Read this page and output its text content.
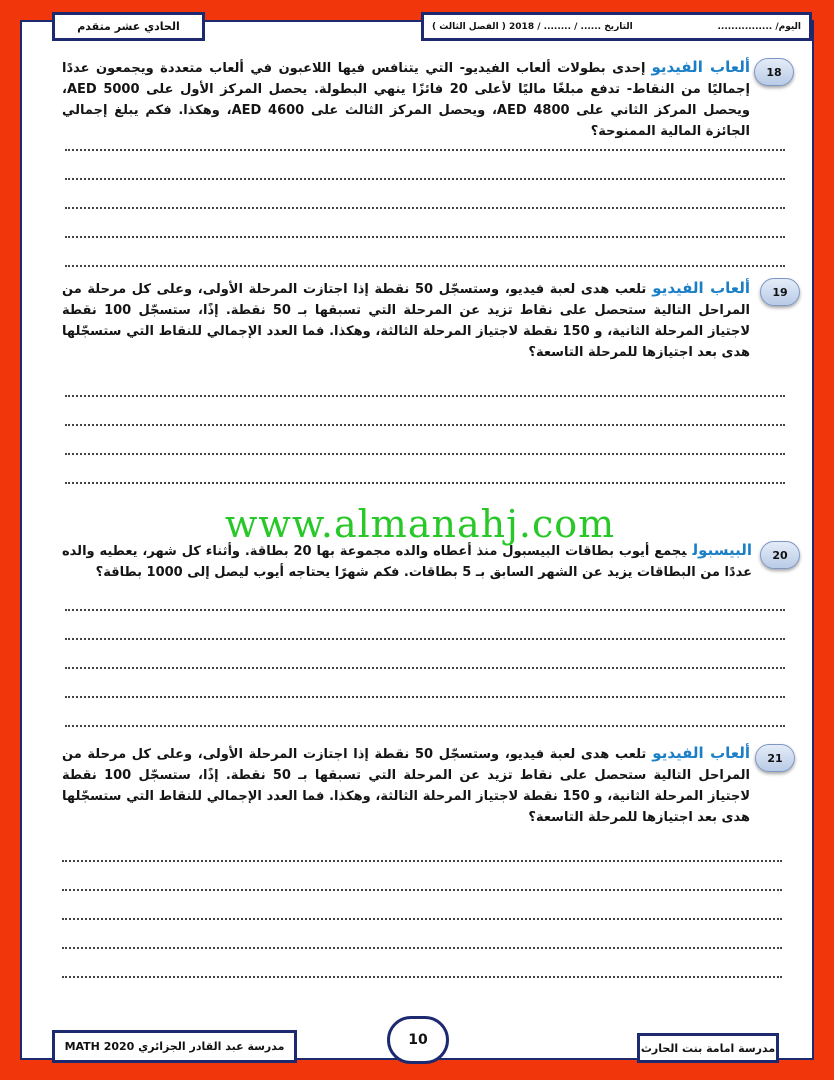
الحادي عشر متقدم	اليوم/ ................
التاريخ ...... / ........ / 2018 ( الفصل الثالث )
18
ألعاب الفيديوإحدى بطولات ألعاب الفيديو- التي يتنافس فيها اللاعبون في ألعاب متعددة ويجمعون عددًا إجماليًا من النقاط- تدفع مبلغًا ماليًا لأعلى 20 فائزًا ينهي البطولة. يحصل المركز الأول على AED 5000، ويحصل المركز الثاني على AED 4800، ويحصل المركز الثالث على AED 4600، وهكذا. فكم يبلغ إجمالي الجائزة المالية الممنوحة؟
19
ألعاب الفيديوتلعب هدى لعبة فيديو، وستسجّل 50 نقطة إذا اجتازت المرحلة الأولى، وعلى كل مرحلة من المراحل التالية ستحصل على نقاط تزيد عن المرحلة التي تسبقها بـ 50 نقطة. إذًا، ستسجّل 100 نقطة لاجتياز المرحلة الثانية، و 150 نقطة لاجتياز المرحلة الثالثة، وهكذا. فما العدد الإجمالي للنقاط التي ستسجّلها هدى بعد اجتيازها للمرحلة التاسعة؟
www.almanahj.com
20
البيسبوليجمع أيوب بطاقات البيسبول منذ أعطاه والده مجموعة بها 20 بطاقة. وأثناء كل شهر، يعطيه والده عددًا من البطاقات يزيد عن الشهر السابق بـ 5 بطاقات. فكم شهرًا يحتاجه أيوب ليصل إلى 1000 بطاقة؟
21
ألعاب الفيديوتلعب هدى لعبة فيديو، وستسجّل 50 نقطة إذا اجتازت المرحلة الأولى، وعلى كل مرحلة من المراحل التالية ستحصل على نقاط تزيد عن المرحلة التي تسبقها بـ 50 نقطة. إذًا، ستسجّل 100 نقطة لاجتياز المرحلة الثانية، و 150 نقطة لاجتياز المرحلة الثالثة، وهكذا. فما العدد الإجمالي للنقاط التي ستسجّلها هدى بعد اجتيازها للمرحلة التاسعة؟
مدرسة عبد القادر الجزائري MATH 2020	10	مدرسة امامة بنت الحارث
